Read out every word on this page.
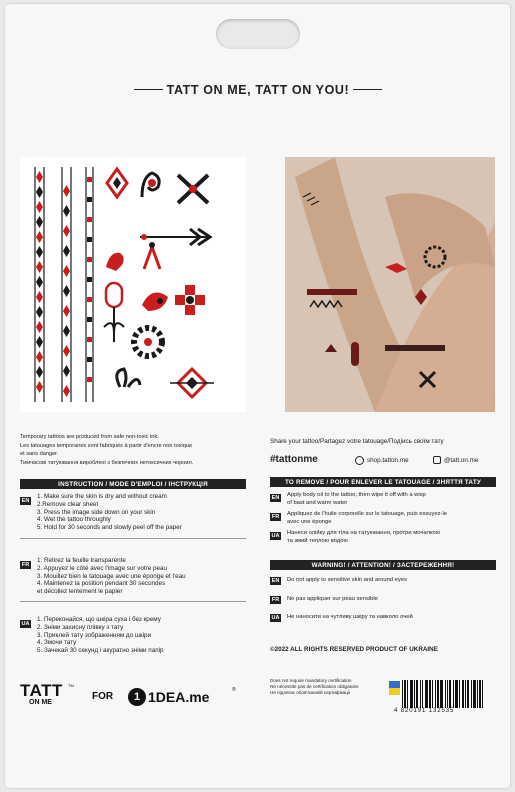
TATT ON ME, TATT ON YOU!
Temporary tattoos are produced from safe non-toxic ink.
Les tatouages temporaires sont fabriqués à partir d'encre non toxique
et sans danger.
Тимчасові татуювання вироблені з безпечних нетоксичних чорнил.
INSTRUCTION / MODE D'EMPLOI / ІНСТРУКЦІЯ
EN
1. Make sure the skin is dry and without cream
2.Remove clear sheet
3. Press the image side down on your skin
4. Wet the tattoo throughly
5. Hold for 30 seconds and slowly peel off the paper
FR
1. Retirez la feuille transparente
2. Appuyez le côté avec l'image sur votre peau
3. Mouillez bien le tatouage avec une éponge et l'eau
4. Maintenez la position pendant 30 secondes
et décollez lentement le papier
UA
1. Переконайся, що шкіра суха і без крему
2. Зніми захисну плівку з тату
3. Приклей тату зображенням до шкіри
4. Змочи тату
5. Зачекай 30 секунд і акуратно зніми папір
TATT
ON ME
TM
FOR	1 1DEA.me	®
Share your tattoo/Partagez votre tatouage/Подіись своїм тату
#tattonme	shop.tatton.me	@tatt.on.me
TO REMOVE / POUR ENLEVER LE TATOUAGE / ЗНЯТТЯ ТАТУ
EN Apply body oil to the tattoo, then wipe it off with a wisp
of bast and warm water
FR	Appliquez de l'huile corporelle sur le tatouage, puis essuyez-le
avec une éponge
UA Нанеси олійку для тіла на татуювання, протри мочалкою
та змий теплою водою
WARNING! / ATTENTION! / ЗАСТЕРЕЖЕННЯ!
EN Do not apply to sensitive skin and around eyes
FR	Ne pas appliquer sur peau sensible
UA Не наносити на чутливу шкіру та навколо очей
©2022 ALL RIGHTS RESERVED PRODUCT OF UKRAINE
Does not require mandatory certification
Ne nécessite pas de certification obligatoire
Не підлягає обов'язковій сертифікації
4 820191 132535
